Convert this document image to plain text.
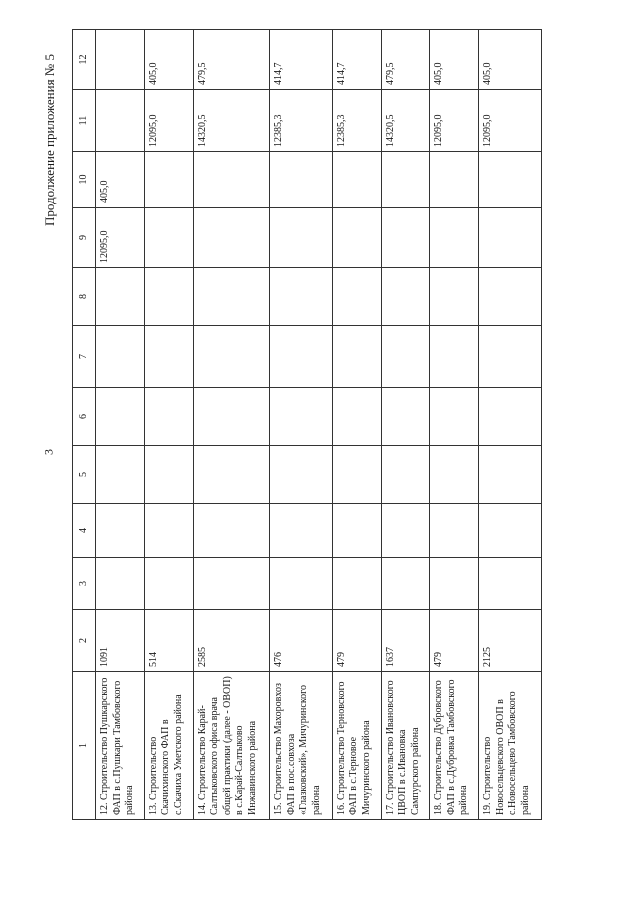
3
Продолжение приложения № 5
1	2	3	4	5	6	7	8	9	10	11	12
12. Строительство Пушкарского ФАП в с.Пушкари Тамбовского района	1091							12095,0	405,0		
13. Строительство Скачихинского ФАП в с.Скачиха Уметского района	514									12095,0	405,0
14. Строительство Карай-Салтыковского офиса врача общей практики (далее - ОВОП) в с.Карай-Салтыково Инжавинского района	2585									14320,5	479,5
15. Строительство Махоровхоз ФАП в пос.совхоза «Глазковский», Мичуринского района	476									12385,3	414,7
16. Строительство Терновского ФАП в с.Терновое Мичуринского района	479									12385,3	414,7
17. Строительство Ивановского ЦВОП в с.Ивановка Сампурского района	1637									14320,5	479,5
18. Строительство Дубровского ФАП в с.Дубровка Тамбовского района	479									12095,0	405,0
19. Строительство Новосельцевского ОВОП в с.Новосельцево Тамбовского района	2125									12095,0	405,0
